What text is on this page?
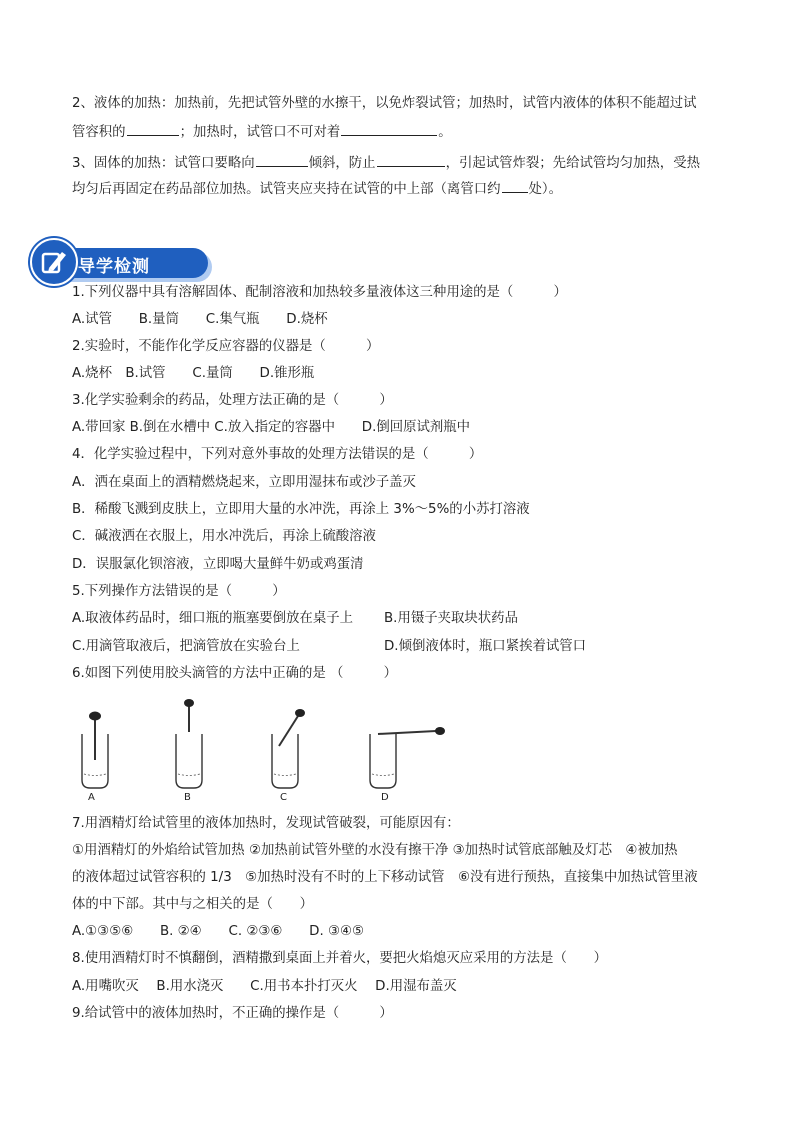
2、液体的加热：加热前，先把试管外壁的水擦干，以免炸裂试管；加热时，试管内液体的体积不能超过试
管容积的	；加热时，试管口不可对着	。
3、固体的加热：试管口要略向	倾斜，防止	，引起试管炸裂；先给试管均匀加热，受热
均匀后再固定在药品部位加热。试管夹应夹持在试管的中上部（离管口约 处）。
导学检测
1.下列仪器中具有溶解固体、配制溶液和加热较多量液体这三种用途的是（　　　）
A.试管　　B.量筒　　C.集气瓶　　D.烧杯
2.实验时，不能作化学反应容器的仪器是（　　　）
A.烧杯　B.试管　　C.量筒　　D.锥形瓶
3.化学实验剩余的药品，处理方法正确的是（　　　）
A.带回家 B.倒在水槽中 C.放入指定的容器中　　D.倒回原试剂瓶中
4．化学实验过程中，下列对意外事故的处理方法错误的是（　　　）
A．洒在桌面上的酒精燃烧起来，立即用湿抹布或沙子盖灭
B．稀酸飞溅到皮肤上，立即用大量的水冲洗，再涂上 3%～5%的小苏打溶液
C．碱液洒在衣服上，用水冲洗后，再涂上硫酸溶液
D．误服氯化钡溶液，立即喝大量鲜牛奶或鸡蛋清
5.下列操作方法错误的是（　　　）
A.取液体药品时，细口瓶的瓶塞要倒放在桌子上 B.用镊子夹取块状药品
C.用滴管取液后，把滴管放在实验台上	D.倾倒液体时，瓶口紧挨着试管口
6.如图下列使用胶头滴管的方法中正确的是 （　　　）
A	B	C	D
7.用酒精灯给试管里的液体加热时，发现试管破裂，可能原因有：
①用酒精灯的外焰给试管加热 ②加热前试管外壁的水没有擦干净 ③加热时试管底部触及灯芯　④被加热
的液体超过试管容积的 1/3　⑤加热时没有不时的上下移动试管　⑥没有进行预热，直接集中加热试管里液
体的中下部。其中与之相关的是（　　）
A.①③⑤⑥　　B. ②④　　C. ②③⑥　　D. ③④⑤
8.使用酒精灯时不慎翻倒，酒精撒到桌面上并着火，要把火焰熄灭应采用的方法是（　　）
A.用嘴吹灭　 B.用水浇灭　　C.用书本扑打灭火　 D.用湿布盖灭
9.给试管中的液体加热时，不正确的操作是（　　　）
